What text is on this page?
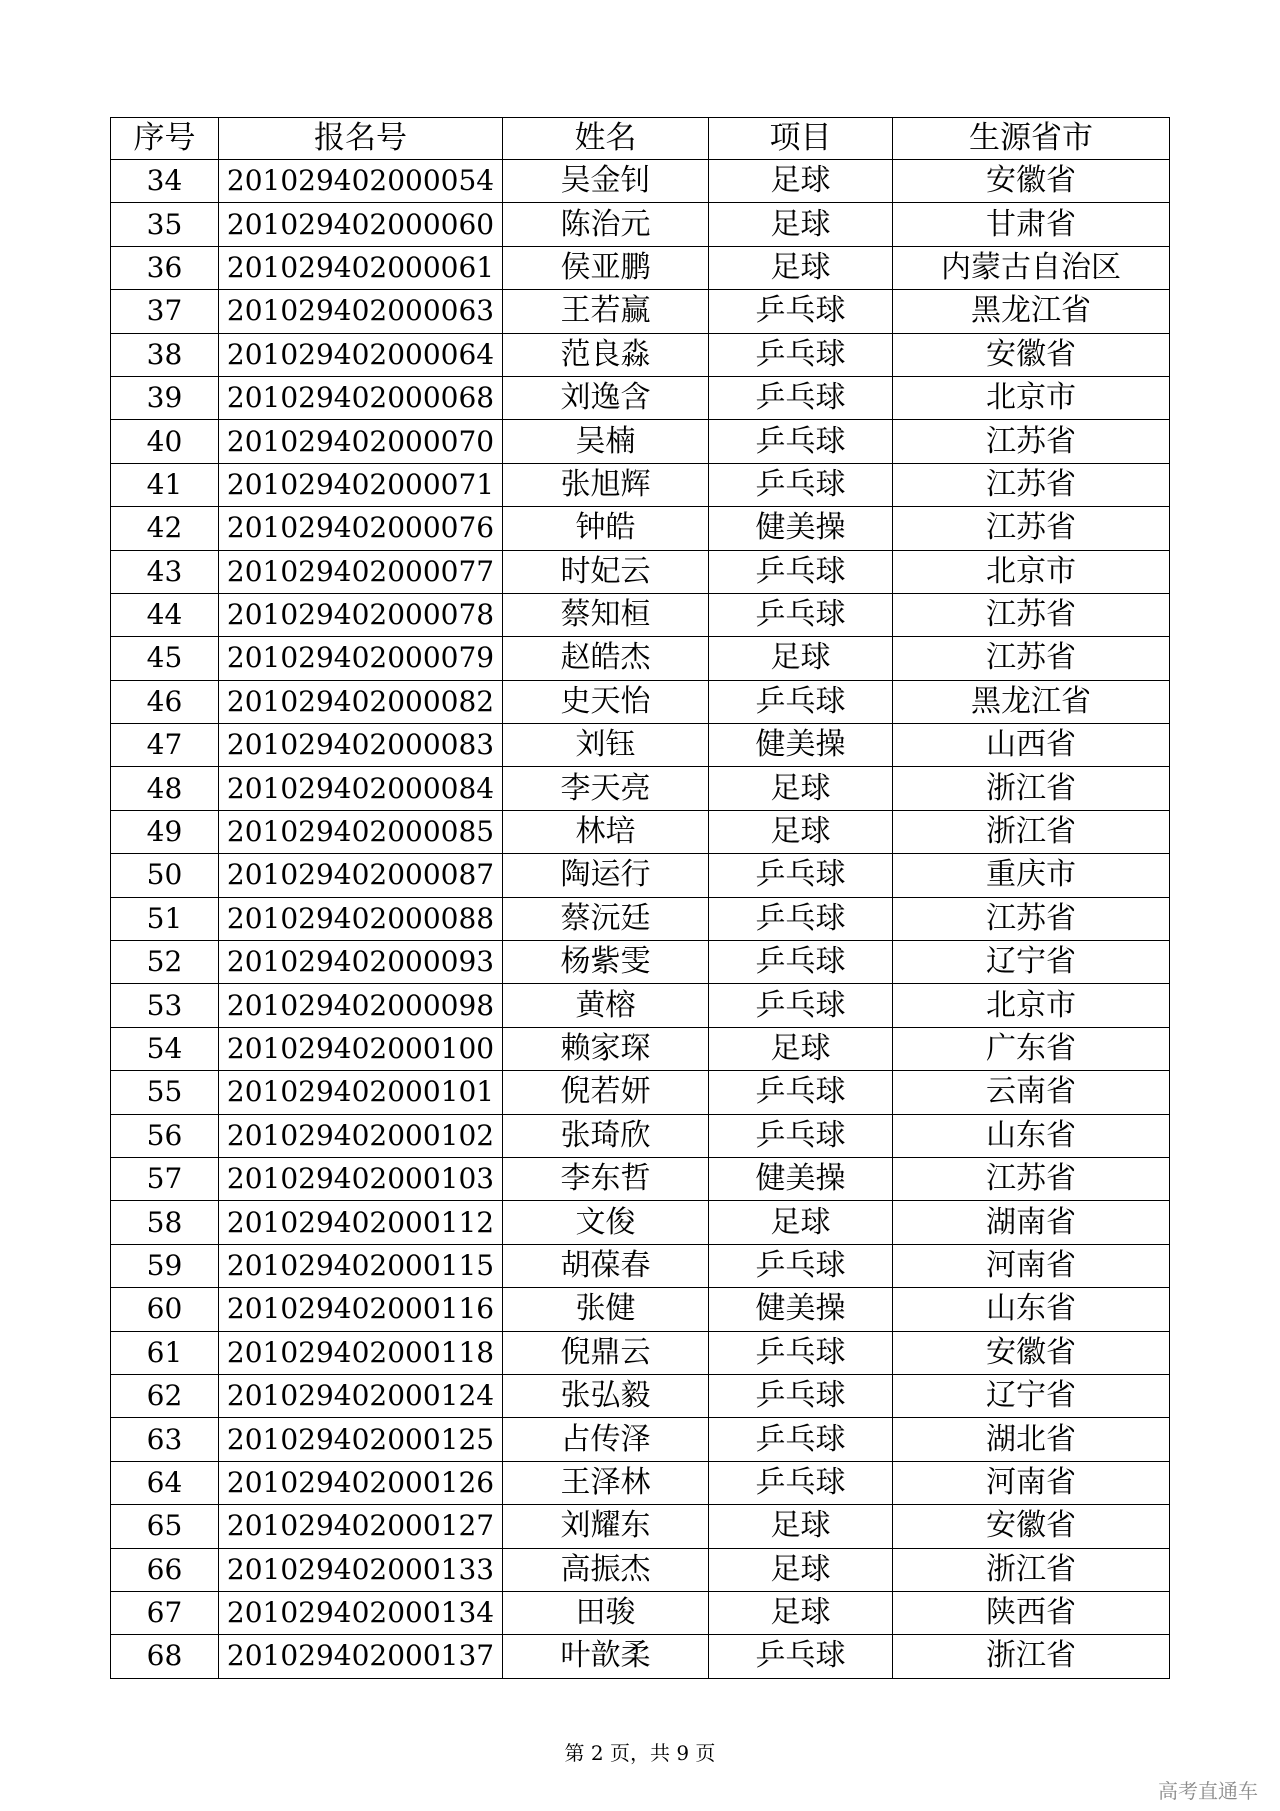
序号	报名号	姓名	项目	生源省市
34	201029402000054	吴金钊	足球	安徽省
35	201029402000060	陈治元	足球	甘肃省
36	201029402000061	侯亚鹏	足球	内蒙古自治区
37	201029402000063	王若赢	乒乓球	黑龙江省
38	201029402000064	范良淼	乒乓球	安徽省
39	201029402000068	刘逸含	乒乓球	北京市
40	201029402000070	吴楠	乒乓球	江苏省
41	201029402000071	张旭辉	乒乓球	江苏省
42	201029402000076	钟皓	健美操	江苏省
43	201029402000077	时妃云	乒乓球	北京市
44	201029402000078	蔡知桓	乒乓球	江苏省
45	201029402000079	赵皓杰	足球	江苏省
46	201029402000082	史天怡	乒乓球	黑龙江省
47	201029402000083	刘钰	健美操	山西省
48	201029402000084	李天亮	足球	浙江省
49	201029402000085	林培	足球	浙江省
50	201029402000087	陶运行	乒乓球	重庆市
51	201029402000088	蔡沅廷	乒乓球	江苏省
52	201029402000093	杨紫雯	乒乓球	辽宁省
53	201029402000098	黄榕	乒乓球	北京市
54	201029402000100	赖家琛	足球	广东省
55	201029402000101	倪若妍	乒乓球	云南省
56	201029402000102	张琦欣	乒乓球	山东省
57	201029402000103	李东哲	健美操	江苏省
58	201029402000112	文俊	足球	湖南省
59	201029402000115	胡葆春	乒乓球	河南省
60	201029402000116	张健	健美操	山东省
61	201029402000118	倪鼎云	乒乓球	安徽省
62	201029402000124	张弘毅	乒乓球	辽宁省
63	201029402000125	占传泽	乒乓球	湖北省
64	201029402000126	王泽林	乒乓球	河南省
65	201029402000127	刘耀东	足球	安徽省
66	201029402000133	高振杰	足球	浙江省
67	201029402000134	田骏	足球	陕西省
68	201029402000137	叶歆柔	乒乓球	浙江省
第 2 页，共 9 页
高考直通车
